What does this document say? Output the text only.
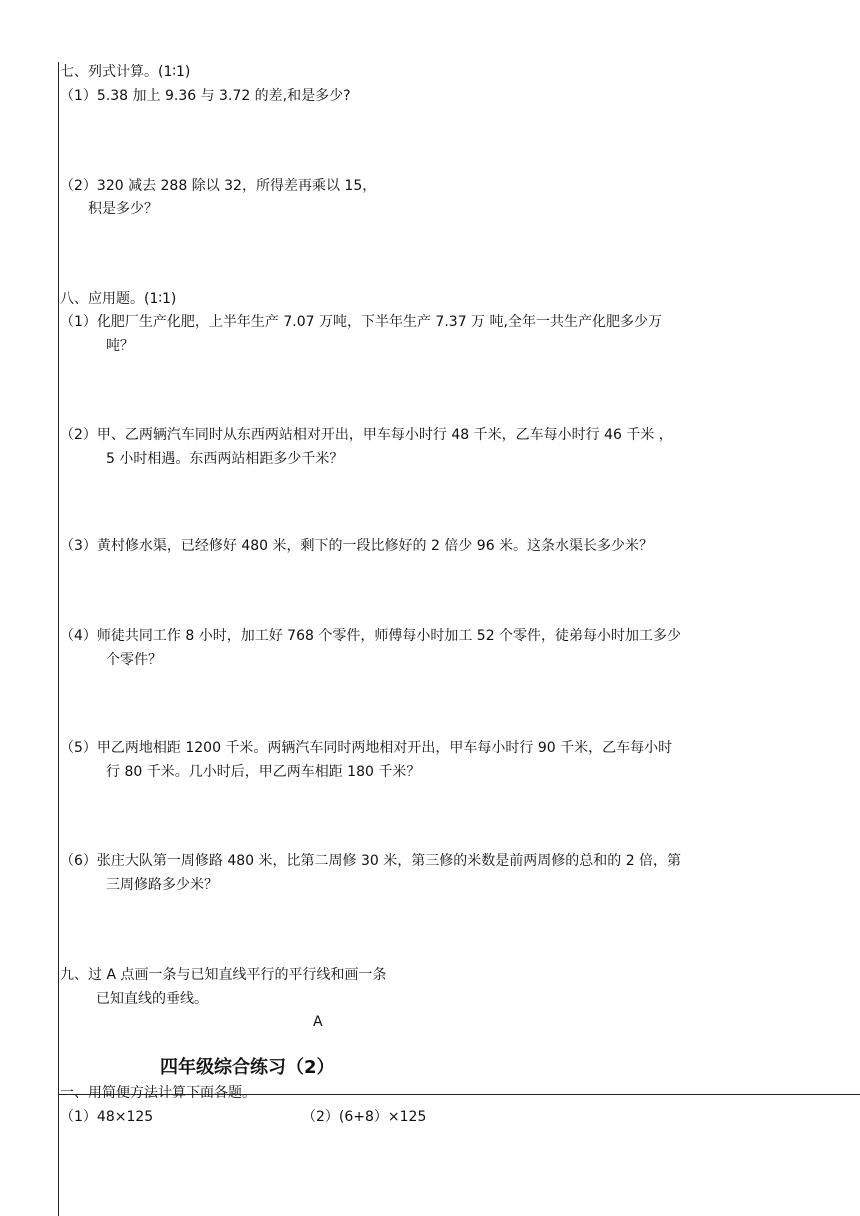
七、列式计算。(1∶1)
（1）5.38 加上 9.36 与 3.72 的差,和是多少?
（2）320 减去 288 除以 32，所得差再乘以 15，
积是多少？
八、应用题。(1∶1)
（1）化肥厂生产化肥，上半年生产 7.07 万吨，下半年生产 7.37 万 吨,全年一共生产化肥多少万
吨？
（2）甲、乙两辆汽车同时从东西两站相对开出，甲车每小时行 48 千米，乙车每小时行 46 千米 ，
5 小时相遇。东西两站相距多少千米？
（3）黄村修水渠，已经修好 480 米，剩下的一段比修好的 2 倍少 96 米。这条水渠长多少米？
（4）师徒共同工作 8 小时，加工好 768 个零件，师傅每小时加工 52 个零件，徒弟每小时加工多少
个零件？
（5）甲乙两地相距 1200 千米。两辆汽车同时两地相对开出，甲车每小时行 90 千米，乙车每小时
行 80 千米。几小时后，甲乙两车相距 180 千米？
（6）张庄大队第一周修路 480 米，比第二周修 30 米，第三修的米数是前两周修的总和的 2 倍，第
三周修路多少米？
九、过 A 点画一条与已知直线平行的平行线和画一条
已知直线的垂线。
A
四年级综合练习（2）
一、用简便方法计算下面各题。
（1）48×125	（2）(6+8）×125
